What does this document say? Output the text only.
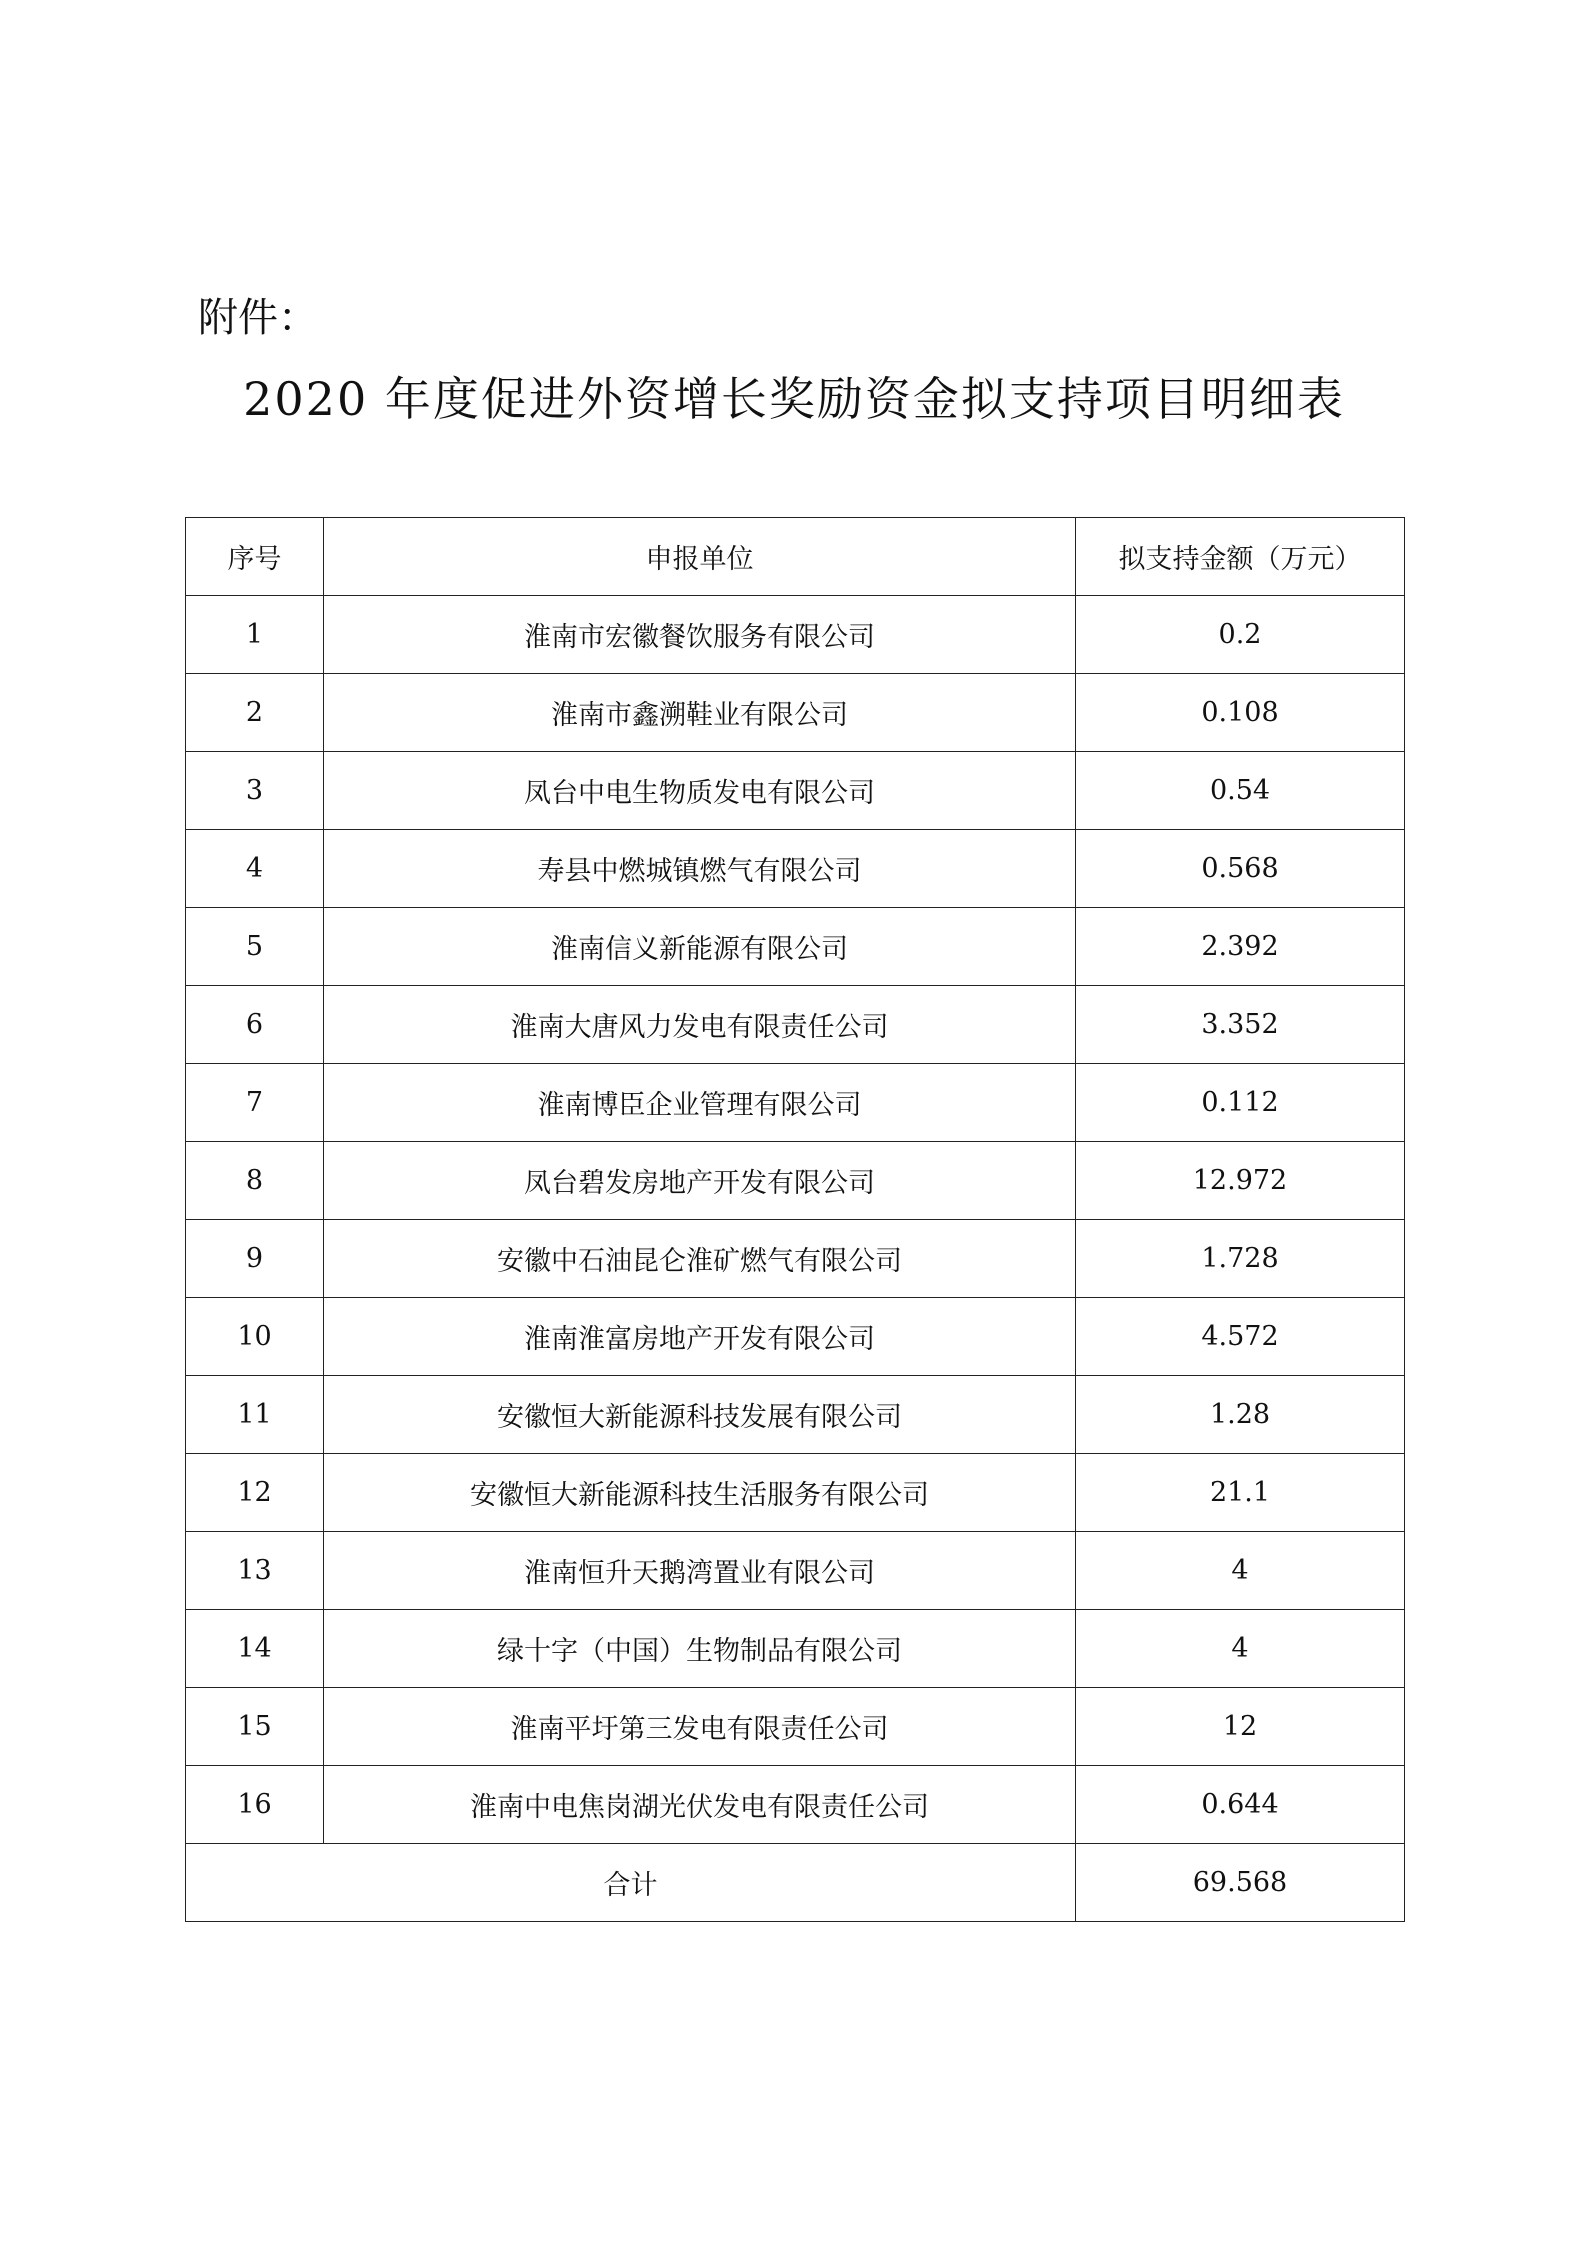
附件：
2020 年度促进外资增长奖励资金拟支持项目明细表
序号	申报单位	拟支持金额（万元）
1	淮南市宏徽餐饮服务有限公司	0.2
2	淮南市鑫溯鞋业有限公司	0.108
3	凤台中电生物质发电有限公司	0.54
4	寿县中燃城镇燃气有限公司	0.568
5	淮南信义新能源有限公司	2.392
6	淮南大唐风力发电有限责任公司	3.352
7	淮南博臣企业管理有限公司	0.112
8	凤台碧发房地产开发有限公司	12.972
9	安徽中石油昆仑淮矿燃气有限公司	1.728
10	淮南淮富房地产开发有限公司	4.572
11	安徽恒大新能源科技发展有限公司	1.28
12	安徽恒大新能源科技生活服务有限公司	21.1
13	淮南恒升天鹅湾置业有限公司	4
14	绿十字（中国）生物制品有限公司	4
15	淮南平圩第三发电有限责任公司	12
16	淮南中电焦岗湖光伏发电有限责任公司	0.644
合计		69.568
